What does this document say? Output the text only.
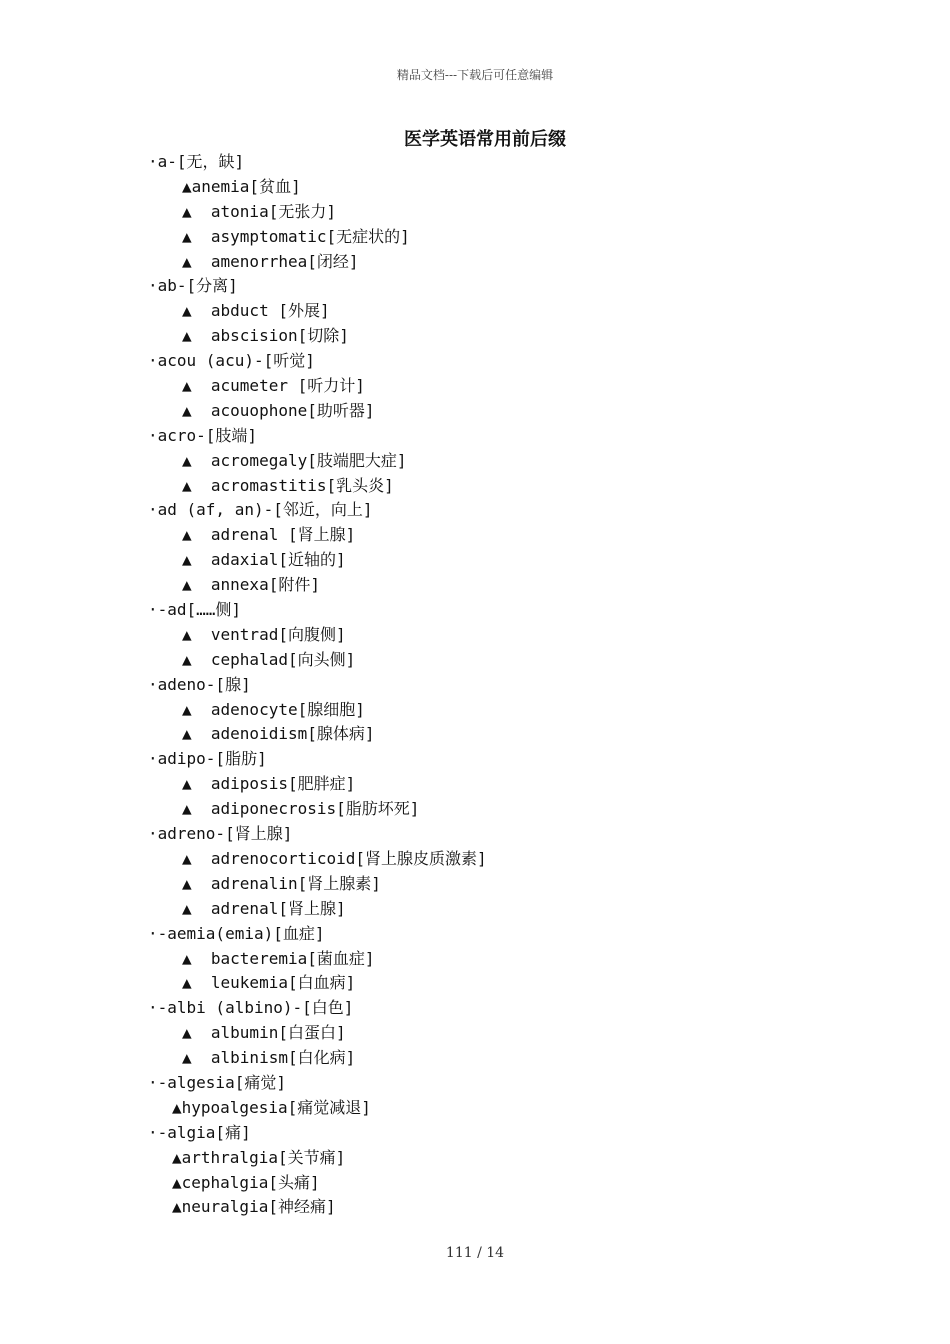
精品文档---下载后可任意编辑
医学英语常用前后缀
·a-[无，缺]
▲anemia[贫血]
▲  atonia[无张力]
▲  asymptomatic[无症状的]
▲  amenorrhea[闭经]
·ab-[分离]
▲  abduct [外展]
▲  abscision[切除]
·acou (acu)-[听觉]
▲  acumeter [听力计]
▲  acouophone[助听器]
·acro-[肢端]
▲  acromegaly[肢端肥大症]
▲  acromastitis[乳头炎]
·ad (af, an)-[邻近，向上]
▲  adrenal [肾上腺]
▲  adaxial[近轴的]
▲  annexa[附件]
·-ad[……侧]
▲  ventrad[向腹侧]
▲  cephalad[向头侧]
·adeno-[腺]
▲  adenocyte[腺细胞]
▲  adenoidism[腺体病]
·adipo-[脂肪]
▲  adiposis[肥胖症]
▲  adiponecrosis[脂肪坏死]
·adreno-[肾上腺]
▲  adrenocorticoid[肾上腺皮质激素]
▲  adrenalin[肾上腺素]
▲  adrenal[肾上腺]
·-aemia(emia)[血症]
▲  bacteremia[菌血症]
▲  leukemia[白血病]
·-albi (albino)-[白色]
▲  albumin[白蛋白]
▲  albinism[白化病]
·-algesia[痛觉]
▲hypoalgesia[痛觉减退]
·-algia[痛]
▲arthralgia[关节痛]
▲cephalgia[头痛]
▲neuralgia[神经痛]
111 / 14
